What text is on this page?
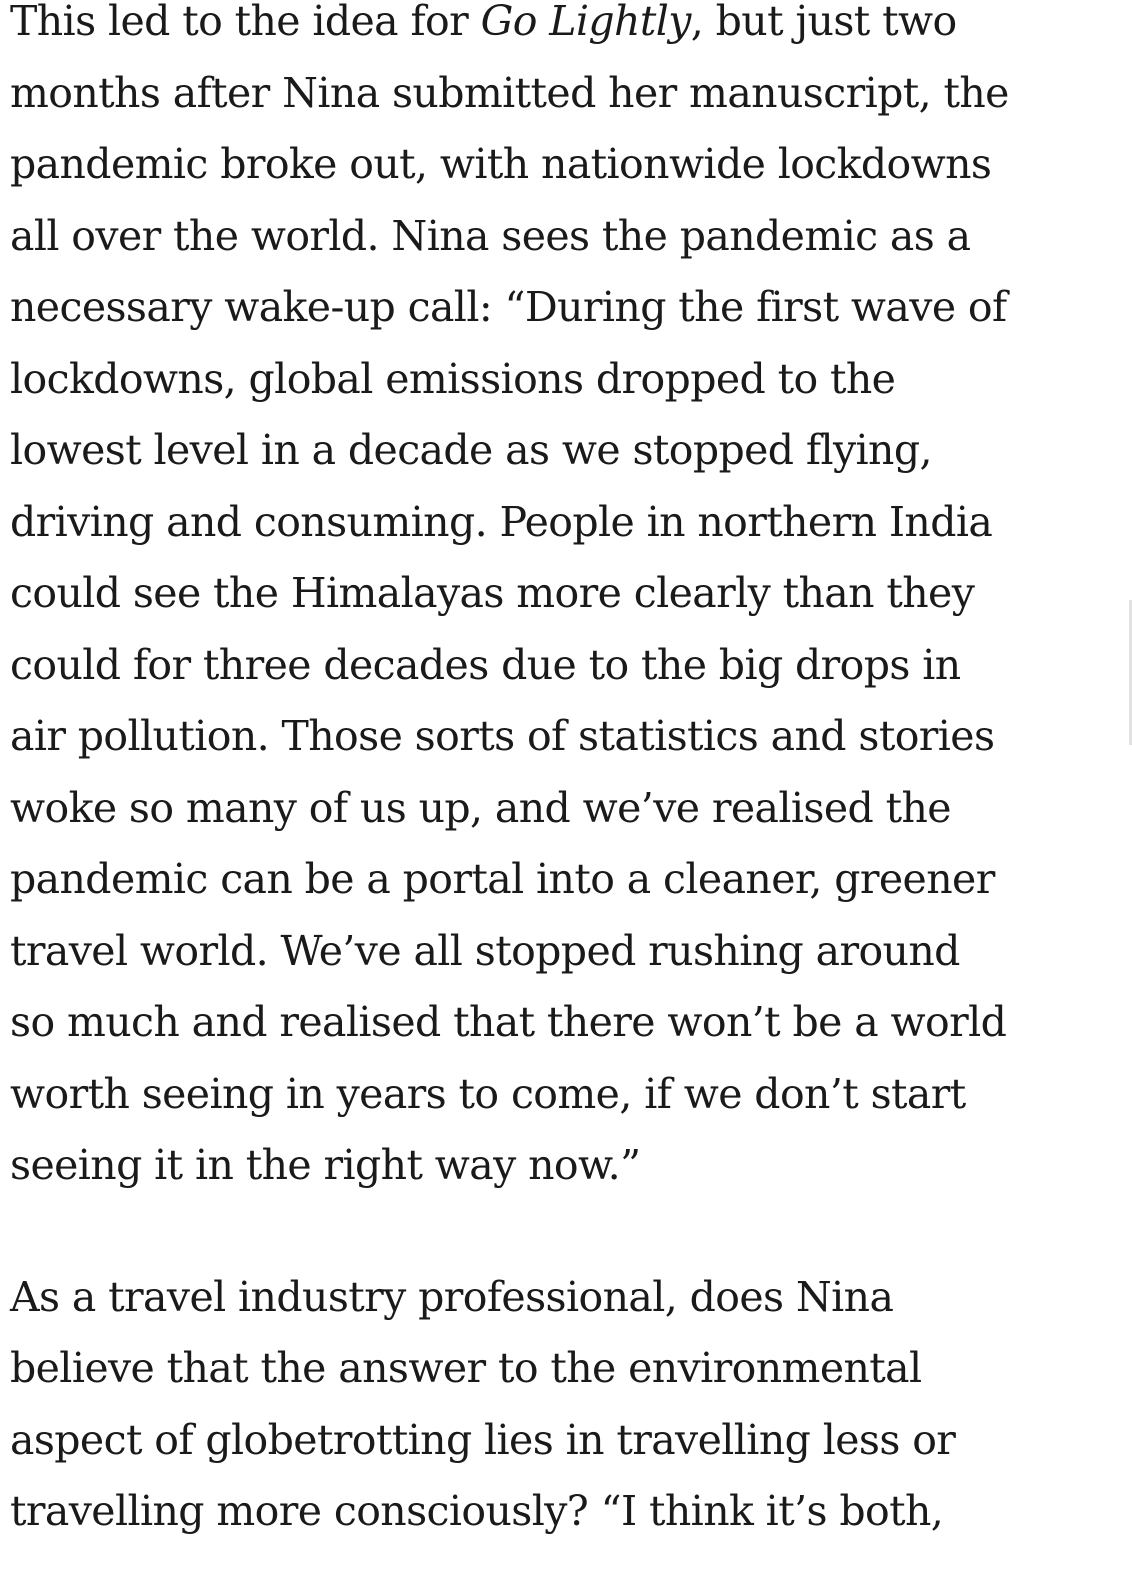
This led to the idea for Go Lightly, but just two
months after Nina submitted her manuscript, the
pandemic broke out, with nationwide lockdowns
all over the world. Nina sees the pandemic as a
necessary wake-up call: “During the first wave of
lockdowns, global emissions dropped to the
lowest level in a decade as we stopped flying,
driving and consuming. People in northern India
could see the Himalayas more clearly than they
could for three decades due to the big drops in
air pollution. Those sorts of statistics and stories
woke so many of us up, and we’ve realised the
pandemic can be a portal into a cleaner, greener
travel world. We’ve all stopped rushing around
so much and realised that there won’t be a world
worth seeing in years to come, if we don’t start
seeing it in the right way now.”

As a travel industry professional, does Nina
believe that the answer to the environmental
aspect of globetrotting lies in travelling less or
travelling more consciously? “I think it’s both,
